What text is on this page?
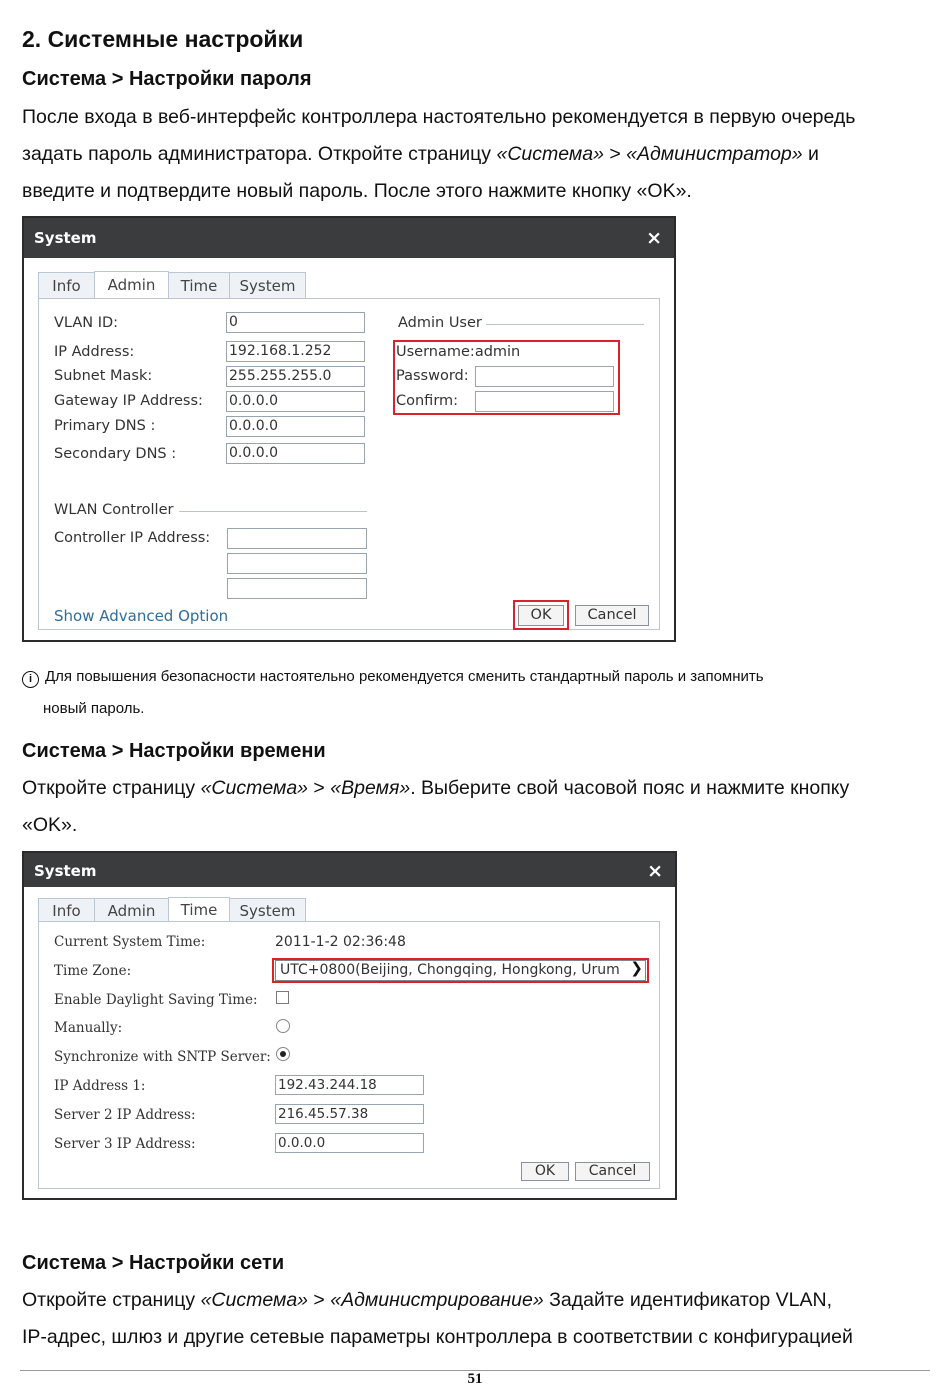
2. Системные настройки
Система > Настройки пароля
После входа в веб-интерфейс контроллера настоятельно рекомендуется в первую очередь
задать пароль администратора. Откройте страницу «Система» > «Администратор» и
введите и подтвердите новый пароль. После этого нажмите кнопку «OK».
System	×
Info	Admin	Time	System
VLAN ID:	0
IP Address:	192.168.1.252
Subnet Mask:	255.255.255.0
Gateway IP Address: 0.0.0.0
Primary DNS :	0.0.0.0
Secondary DNS :	0.0.0.0
Admin User
Username:admin
Password:
Confirm:
WLAN Controller
Controller IP Address:
Show Advanced Option	OK	Cancel
i Для повышения безопасности настоятельно рекомендуется сменить стандартный пароль и запомнить
новый пароль.
Система > Настройки времени
Откройте страницу «Система» > «Время». Выберите свой часовой пояс и нажмите кнопку
«OK».
System	×
Info	Admin	Time	System
Current System Time:	2011-1-2 02:36:48
Time Zone:	UTC+0800(Beijing, Chongqing, Hongkong, Urum ❯
Enable Daylight Saving Time:
Manually:
Synchronize with SNTP Server:
IP Address 1:	192.43.244.18
Server 2 IP Address:	216.45.57.38
Server 3 IP Address:	0.0.0.0
OK	Cancel
Система > Настройки сети
Откройте страницу «Система» > «Администрирование» Задайте идентификатор VLAN,
IP-адрес, шлюз и другие сетевые параметры контроллера в соответствии с конфигурацией
51
